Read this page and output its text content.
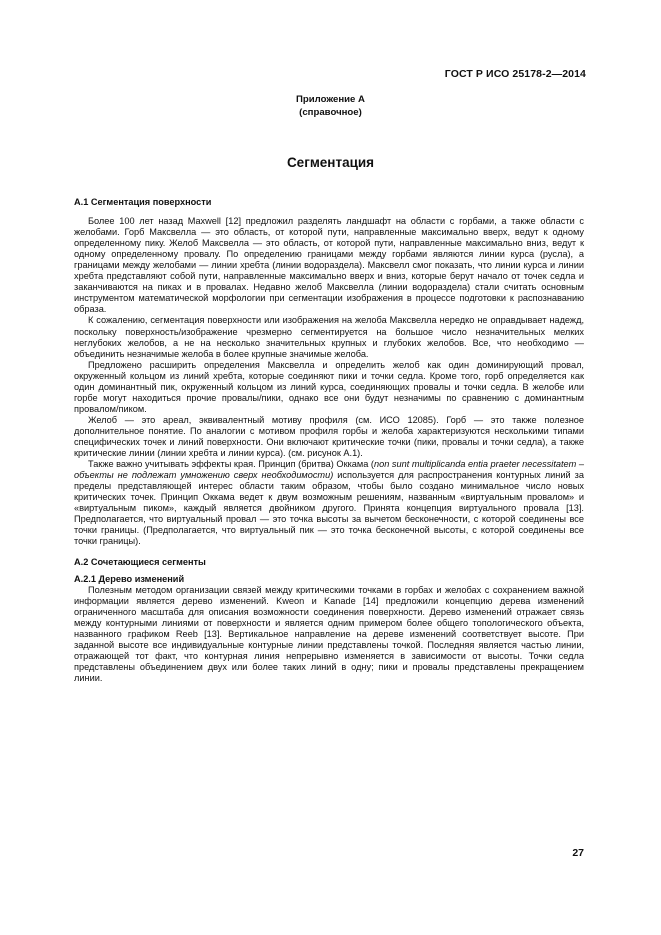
ГОСТ Р ИСО 25178-2—2014
Приложение А
(справочное)
Сегментация
А.1 Сегментация поверхности

Более 100 лет назад Maxwell [12] предложил разделять ландшафт на области с горбами, а также области с желобами. Горб Максвелла — это область, от которой пути, направленные максимально вверх, ведут к одному определенному пику. Желоб Максвелла — это область, от которой пути, направленные максимально вниз, ведут к одному определенному провалу. По определению границами между горбами являются линии курса (русла), а границами между желобами — линии хребта (линии водораздела). Максвелл смог показать, что линии курса и линии хребта представляют собой пути, направленные максимально вверх и вниз, которые берут начало от точек седла и заканчиваются на пиках и в провалах. Недавно желоб Максвелла (линии водораздела) стали считать основным инструментом математической морфологии при сегментации изображения в процессе подготовки к распознаванию образа.

К сожалению, сегментация поверхности или изображения на желоба Максвелла нередко не оправдывает надежд, поскольку поверхность/изображение чрезмерно сегментируется на большое число незначительных мелких неглубоких желобов, а не на несколько значительных крупных и глубоких желобов. Все, что необходимо — объединить незначимые желоба в более крупные значимые желоба.

Предложено расширить определения Максвелла и определить желоб как один доминирующий провал, окруженный кольцом из линий хребта, которые соединяют пики и точки седла. Кроме того, горб определяется как один доминантный пик, окруженный кольцом из линий курса, соединяющих провалы и точки седла. В желобе или горбе могут находиться прочие провалы/пики, однако все они будут незначимы по сравнению с доминантным провалом/пиком.

Желоб — это ареал, эквивалентный мотиву профиля (см. ИСО 12085). Горб — это также полезное дополнительное понятие. По аналогии с мотивом профиля горбы и желоба характеризуются несколькими типами специфических точек и линий поверхности. Они включают критические точки (пики, провалы и точки седла), а также критические линии (линии хребта и линии курса). (см. рисунок А.1).

Также важно учитывать эффекты края. Принцип (бритва) Оккама (non sunt multiplicanda entia praeter necessitatem – объекты не подлежат умножению сверх необходимости) используется для распространения контурных линий за пределы представляющей интерес области таким образом, чтобы было создано минимальное число новых критических точек. Принцип Оккама ведет к двум возможным решениям, названным «виртуальным провалом» и «виртуальным пиком», каждый является двойником другого. Принята концепция виртуального провала [13]. Предполагается, что виртуальный провал — это точка высоты за вычетом бесконечности, с которой соединены все точки границы. (Предполагается, что виртуальный пик — это точка бесконечной высоты, с которой соединены все точки границы).

А.2 Сочетающиеся сегменты
А.2.1 Дерево изменений

Полезным методом организации связей между критическими точками в горбах и желобах с сохранением важной информации является дерево изменений. Kweon и Kanade [14] предложили концепцию дерева изменений ограниченного масштаба для описания возможности соединения поверхности. Дерево изменений отражает связь между контурными линиями от поверхности и является одним примером более общего топологического объекта, названного графиком Reeb [13]. Вертикальное направление на дереве изменений соответствует высоте. При заданной высоте все индивидуальные контурные линии представлены точкой. Последняя является частью линии, отражающей тот факт, что контурная линия непрерывно изменяется в зависимости от высоты. Точки седла представлены объединением двух или более таких линий в одну; пики и провалы представлены прекращением линии.

27
